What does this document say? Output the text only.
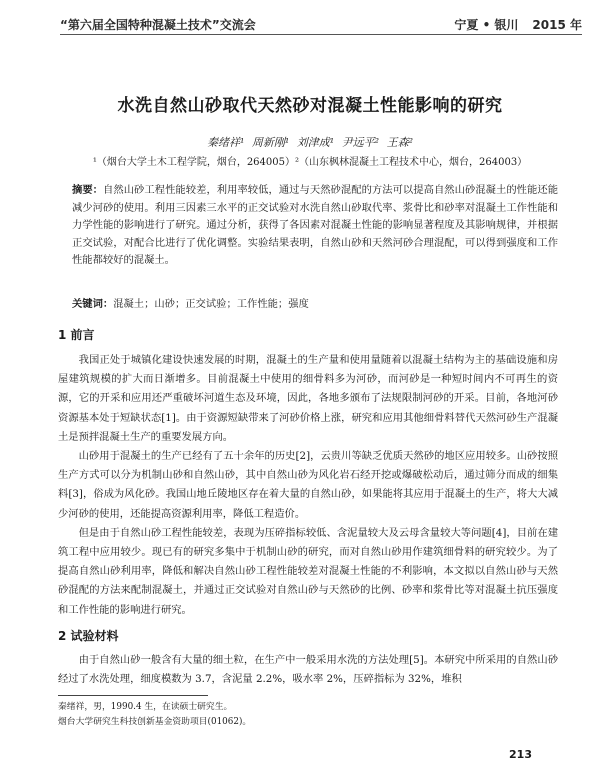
“第六届全国特种混凝土技术”交流会	宁夏 • 银川 2015 年
水洗自然山砂取代天然砂对混凝土性能影响的研究
秦绪祥¹ 周新刚¹ 刘津成¹ 尹远平² 王森²
¹（烟台大学土木工程学院，烟台，264005）²（山东枫林混凝土工程技术中心，烟台，264003）

摘要：自然山砂工程性能较差，利用率较低，通过与天然砂混配的方法可以提高自然山砂混凝土的性能还能减少河砂的使用。利用三因素三水平的正交试验对水洗自然山砂取代率、浆骨比和砂率对混凝土工作性能和力学性能的影响进行了研究。通过分析，获得了各因素对混凝土性能的影响显著程度及其影响规律，并根据正交试验，对配合比进行了优化调整。实验结果表明，自然山砂和天然河砂合理混配，可以得到强度和工作性能都较好的混凝土。

关键词：混凝土；山砂；正交试验；工作性能；强度

1 前言

我国正处于城镇化建设快速发展的时期，混凝土的生产量和使用量随着以混凝土结构为主的基础设施和房屋建筑规模的扩大而日渐增多。目前混凝土中使用的细骨料多为河砂，而河砂是一种短时间内不可再生的资源，它的开采和应用还严重破坏河道生态及环境，因此，各地多颁布了法规限制河砂的开采。目前，各地河砂资源基本处于短缺状态[1]。由于资源短缺带来了河砂价格上涨，研究和应用其他细骨料替代天然河砂生产混凝土是预拌混凝土生产的重要发展方向。

山砂用于混凝土的生产已经有了五十余年的历史[2]，云贵川等缺乏优质天然砂的地区应用较多。山砂按照生产方式可以分为机制山砂和自然山砂，其中自然山砂为风化岩石经开挖或爆破松动后，通过筛分而成的细集料[3]，俗成为风化砂。我国山地丘陵地区存在着大量的自然山砂，如果能将其应用于混凝土的生产，将大大减少河砂的使用，还能提高资源利用率，降低工程造价。

但是由于自然山砂工程性能较差，表现为压碎指标较低、含泥量较大及云母含量较大等问题[4]，目前在建筑工程中应用较少。现已有的研究多集中于机制山砂的研究，而对自然山砂用作建筑细骨料的研究较少。为了提高自然山砂利用率，降低和解决自然山砂工程性能较差对混凝土性能的不利影响，本文拟以自然山砂与天然砂混配的方法来配制混凝土，并通过正交试验对自然山砂与天然砂的比例、砂率和浆骨比等对混凝土抗压强度和工作性能的影响进行研究。

2 试验材料

由于自然山砂一般含有大量的细土粒，在生产中一般采用水洗的方法处理[5]。本研究中所采用的自然山砂经过了水洗处理，细度模数为 3.7，含泥量 2.2%，吸水率 2%，压碎指标为 32%，堆积

秦绪祥，男，1990.4 生，在读硕士研究生。

烟台大学研究生科技创新基金资助项目(01062)。

213
